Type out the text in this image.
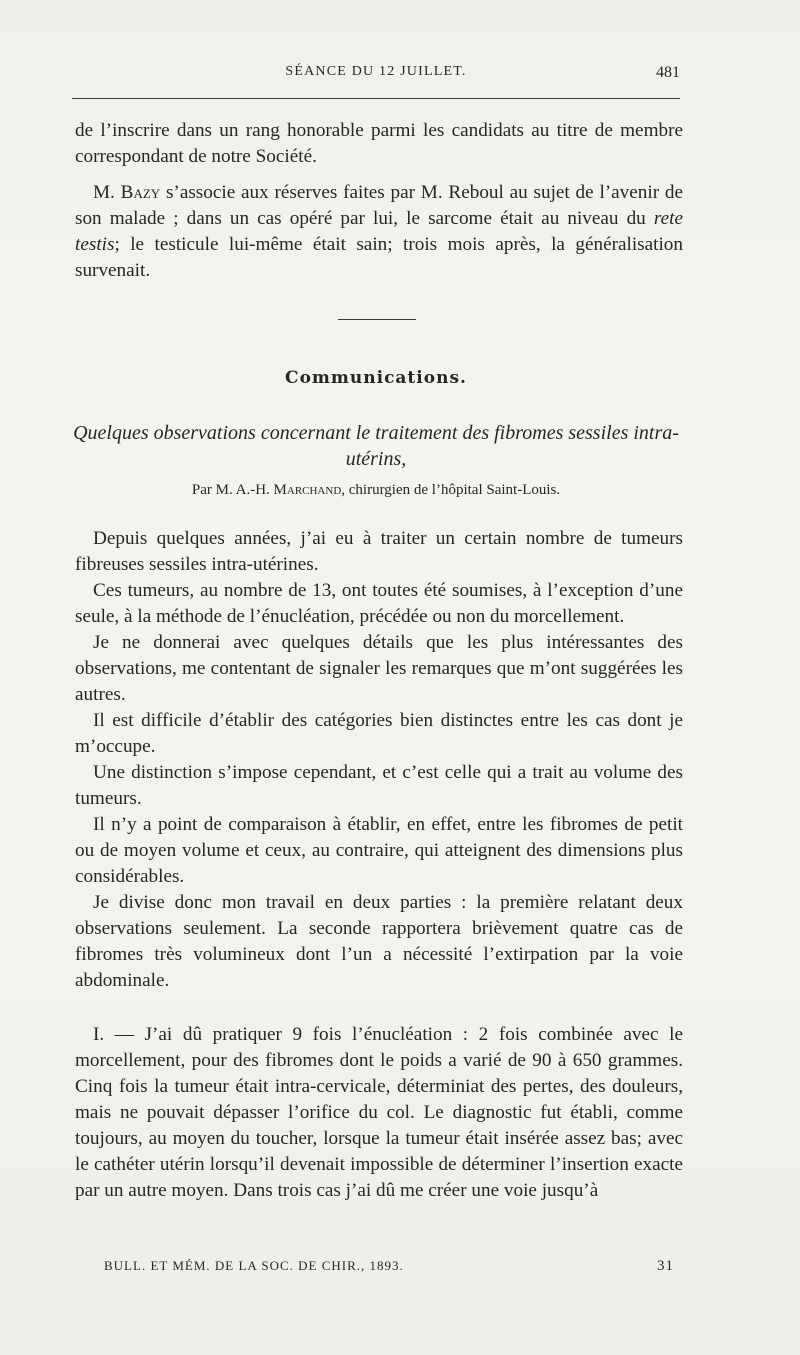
SÉANCE DU 12 JUILLET.	481

de l’inscrire dans un rang honorable parmi les candidats au titre de membre correspondant de notre Société.

M. Bazy s’associe aux réserves faites par M. Reboul au sujet de l’avenir de son malade ; dans un cas opéré par lui, le sarcome était au niveau du rete testis; le testicule lui-même était sain; trois mois après, la généralisation survenait.

Communications.

Quelques observations concernant le traitement des fibromes sessiles intra-utérins,

Par M. A.-H. Marchand, chirurgien de l’hôpital Saint-Louis.

Depuis quelques années, j’ai eu à traiter un certain nombre de tumeurs fibreuses sessiles intra-utérines.

Ces tumeurs, au nombre de 13, ont toutes été soumises, à l’exception d’une seule, à la méthode de l’énucléation, précédée ou non du morcellement.

Je ne donnerai avec quelques détails que les plus intéressantes des observations, me contentant de signaler les remarques que m’ont suggérées les autres.

Il est difficile d’établir des catégories bien distinctes entre les cas dont je m’occupe.

Une distinction s’impose cependant, et c’est celle qui a trait au volume des tumeurs.

Il n’y a point de comparaison à établir, en effet, entre les fibromes de petit ou de moyen volume et ceux, au contraire, qui atteignent des dimensions plus considérables.

Je divise donc mon travail en deux parties : la première relatant deux observations seulement. La seconde rapportera brièvement quatre cas de fibromes très volumineux dont l’un a nécessité l’extirpation par la voie abdominale.

I. — J’ai dû pratiquer 9 fois l’énucléation : 2 fois combinée avec le morcellement, pour des fibromes dont le poids a varié de 90 à 650 grammes. Cinq fois la tumeur était intra-cervicale, déterminiat des pertes, des douleurs, mais ne pouvait dépasser l’orifice du col. Le diagnostic fut établi, comme toujours, au moyen du toucher, lorsque la tumeur était insérée assez bas; avec le cathéter utérin lorsqu’il devenait impossible de déterminer l’insertion exacte par un autre moyen. Dans trois cas j’ai dû me créer une voie jusqu’à

BULL. ET MÉM. DE LA SOC. DE CHIR., 1893.	31
